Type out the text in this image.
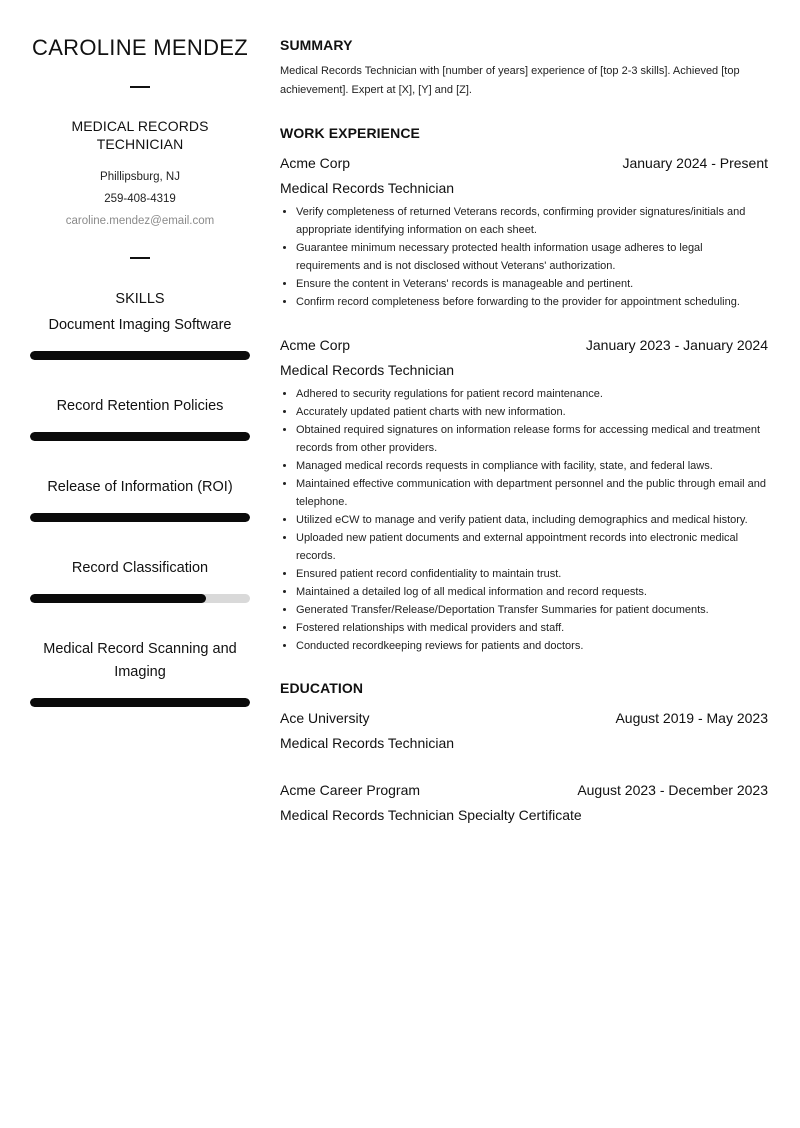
CAROLINE MENDEZ
MEDICAL RECORDS TECHNICIAN
Phillipsburg, NJ
259-408-4319
caroline.mendez@email.com
SKILLS
Document Imaging Software
Record Retention Policies
Release of Information (ROI)
Record Classification
Medical Record Scanning and Imaging
SUMMARY

Medical Records Technician with [number of years] experience of [top 2-3 skills]. Achieved [top achievement]. Expert at [X], [Y] and [Z].

WORK EXPERIENCE
Acme Corp	January 2024 - Present
Medical Records Technician
• Verify completeness of returned Veterans records, confirming provider signatures/initials and appropriate identifying information on each sheet.
• Guarantee minimum necessary protected health information usage adheres to legal requirements and is not disclosed without Veterans' authorization.
• Ensure the content in Veterans' records is manageable and pertinent.
• Confirm record completeness before forwarding to the provider for appointment scheduling.
Acme Corp	January 2023 - January 2024
Medical Records Technician
• Adhered to security regulations for patient record maintenance.
• Accurately updated patient charts with new information.
• Obtained required signatures on information release forms for accessing medical and treatment records from other providers.
• Managed medical records requests in compliance with facility, state, and federal laws.
• Maintained effective communication with department personnel and the public through email and telephone.
• Utilized eCW to manage and verify patient data, including demographics and medical history.
• Uploaded new patient documents and external appointment records into electronic medical records.
• Ensured patient record confidentiality to maintain trust.
• Maintained a detailed log of all medical information and record requests.
• Generated Transfer/Release/Deportation Transfer Summaries for patient documents.
• Fostered relationships with medical providers and staff.
• Conducted recordkeeping reviews for patients and doctors.
EDUCATION
Ace University	August 2019 - May 2023
Medical Records Technician
Acme Career Program	August 2023 - December 2023
Medical Records Technician Specialty Certificate
